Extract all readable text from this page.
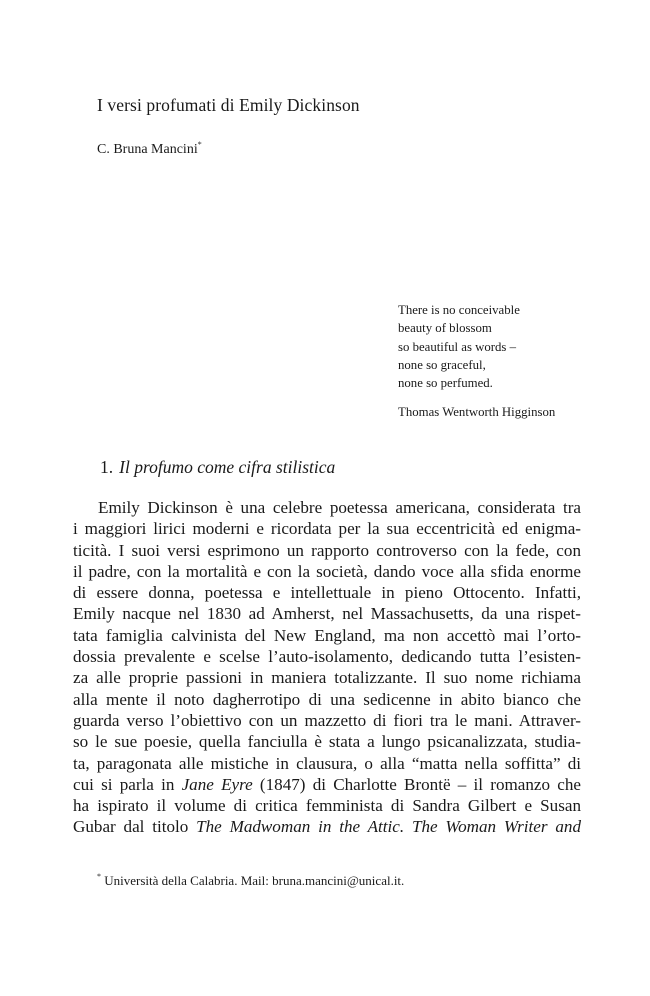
I versi profumati di Emily Dickinson
C. Bruna Mancini*
There is no conceivable
beauty of blossom
so beautiful as words –
none so graceful,
none so perfumed.
Thomas Wentworth Higginson
1. Il profumo come cifra stilistica
Emily Dickinson è una celebre poetessa americana, considerata tra
i maggiori lirici moderni e ricordata per la sua eccentricità ed enigma-
ticità. I suoi versi esprimono un rapporto controverso con la fede, con
il padre, con la mortalità e con la società, dando voce alla sfida enorme
di essere donna, poetessa e intellettuale in pieno Ottocento. Infatti,
Emily nacque nel 1830 ad Amherst, nel Massachusetts, da una rispet-
tata famiglia calvinista del New England, ma non accettò mai l’orto-
dossia prevalente e scelse l’auto-isolamento, dedicando tutta l’esisten-
za alle proprie passioni in maniera totalizzante. Il suo nome richiama
alla mente il noto dagherrotipo di una sedicenne in abito bianco che
guarda verso l’obiettivo con un mazzetto di fiori tra le mani. Attraver-
so le sue poesie, quella fanciulla è stata a lungo psicanalizzata, studia-
ta, paragonata alle mistiche in clausura, o alla “matta nella soffitta” di
cui si parla in Jane Eyre (1847) di Charlotte Brontë – il romanzo che
ha ispirato il volume di critica femminista di Sandra Gilbert e Susan
Gubar dal titolo The Madwoman in the Attic. The Woman Writer and
* Università della Calabria. Mail: bruna.mancini@unical.it.
